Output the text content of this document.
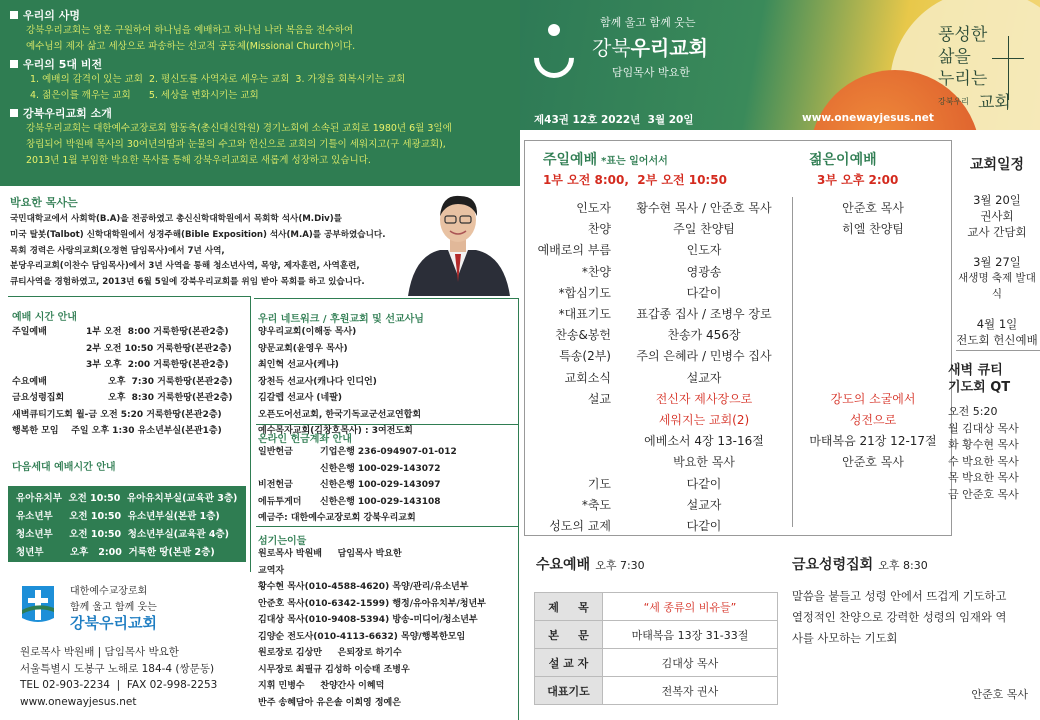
우리의 사명
강북우리교회는 영혼 구원하여 하나님을 예배하고 하나님 나라 복음을 전수하여
예수님의 제자 삶고 세상으로 파송하는 선교적 공동체(Missional Church)이다.
우리의 5대 비전
1. 예배의 감격이 있는 교회  2. 평신도를 사역자로 세우는 교회  3. 가정을 회복시키는 교회
4. 젊은이를 깨우는 교회      5. 세상을 변화시키는 교회
강북우리교회 소개
강북우리교회는 대한예수교장로회 합동측(총신대신학원) 경기노회에 소속된 교회로 1980년 6월 3일에
창립되어 박원배 목사의 30여년의땀과 눈물의 수고와 헌신으로 교회의 기틀이 세워지고(구 세광교회),
2013년 1월 부임한 박요한 목사를 통해 강북우리교회로 새롭게 성장하고 있습니다.
함께 울고 함께 웃는
강북우리교회
담임목사 박요한
풍성한
삶을
누리는
강북우리 교회
제43권 12호 2022년  3월 20일	www.onewayjesus.net
박요한 목사는
국민대학교에서 사회학(B.A)을 전공하였고 총신신학대학원에서 목회학 석사(M.Div)를
미국 탈봇(Talbot) 신학대학원에서 성경주해(Bible Exposition) 석사(M.A)를 공부하였습니다.
목회 경력은 사랑의교회(오정현 담임목사)에서 7년 사역,
분당우리교회(이찬수 담임목사)에서 3년 사역을 통해 청소년사역, 목양, 제자훈련, 사역훈련,
큐티사역을 경험하였고, 2013년 6월 5일에 강북우리교회를 위임 받아 목회를 하고 있습니다.
예배 시간 안내
주일예배	1부 오전  8:00 거룩한땅(본관2층)
2부 오전 10:50 거룩한땅(본관2층)
3부 오후  2:00 거룩한땅(본관2층)
수요예배	오후  7:30 거룩한땅(본관2층)
금요성령집회	오후  8:30 거룩한땅(본관2층)
새벽큐티기도회 월-금 오전 5:20 거룩한땅(본관2층)
행복한 모임    주일 오후 1:30 유소년부실(본관1층)
다음세대 예배시간 안내
유아유치부  오전 10:50  유아유치부실(교육관 3층)
유소년부     오전 10:50  유소년부실(본관 1층)
청소년부     오전 10:50  청소년부실(교육관 4층)
청년부        오후   2:00  거룩한 땅(본관 2층)
대한예수교장로회
함께 울고 함께 웃는
강북우리교회
원로목사 박원배 | 담임목사 박요한
서울특별시 도봉구 노해로 184-4 (쌍문동)
TEL 02-903-2234  |  FAX 02-998-2253
www.onewayjesus.net
우리 네트워크 / 후원교회 및 선교사님
양우리교회(이해동 목사)
양문교회(윤영우 목사)
최인혁 선교사(케냐)
장천득 선교사(캐나다 인디언)
김갈렙 선교사 (네팔)
오픈도어선교회, 한국기독교군선교연합회
예수목자교회(김창호목사) : 3여전도회
온라인 헌금계좌 안내
일반헌금	기업은행 236-094907-01-012
신한은행 100-029-143072
비전헌금	신한은행 100-029-143097
에듀투게더 신한은행 100-029-143108
예금주: 대한예수교장로회 강북우리교회
섬기는이들
원로목사 박원배     담임목사 박요한
교역자
황수현 목사(010-4588-4620) 목양/관리/유소년부
안준호 목사(010-6342-1599) 행정/유아유치부/청년부
김대상 목사(010-9408-5394) 방송-미디어/청소년부
김양순 전도사(010-4113-6632) 목양/행복한모임
원로장로 김상만     은퇴장로 하기수
시무장로 최필규 김성하 이승태 조병우
지휘 민병수     찬양간사 이혜덕
반주 송혜담아 유은솔 이희영 정예은
주일예배 *표는 일어서서
1부 오전 8:00,  2부 오전 10:50
젊은이예배
3부 오후 2:00
인도자	황수현 목사 / 안준호 목사	안준호 목사
찬양	주일 찬양팀	히엘 찬양팀
예배로의 부름	인도자
*찬양	영광송
*합심기도	다같이
*대표기도	표갑종 집사 / 조병우 장로
찬송&봉헌	찬송가 456장
특송(2부)	주의 은혜라 / 민병수 집사
교회소식	설교자
설교	전신자 제사장으로	강도의 소굴에서
세워지는 교회(2)	성전으로
에베소서 4장 13-16절	마태복음 21장 12-17절
박요한 목사	안준호 목사
기도	다같이
*축도	설교자
성도의 교제	다같이
교회일정
3월 20일
권사회
교사 간담회
3월 27일
새생명 축제 발대식
4월 1일
전도회 헌신예배
새벽 큐티
기도회 QT
오전 5:20
월 김대상 목사
화 황수현 목사
수 박요한 목사
목 박요한 목사
금 안준호 목사
수요예배 오후 7:30
제     목	“세 종류의 비유들”
본     문	마태복음 13장 31-33절
설 교 자	김대상 목사
대표기도	전복자 권사
금요성령집회 오후 8:30
말씀을 붙들고 성령 안에서 뜨겁게 기도하고
열정적인 찬양으로 강력한 성령의 임재와 역
사를 사모하는 기도회
안준호 목사
